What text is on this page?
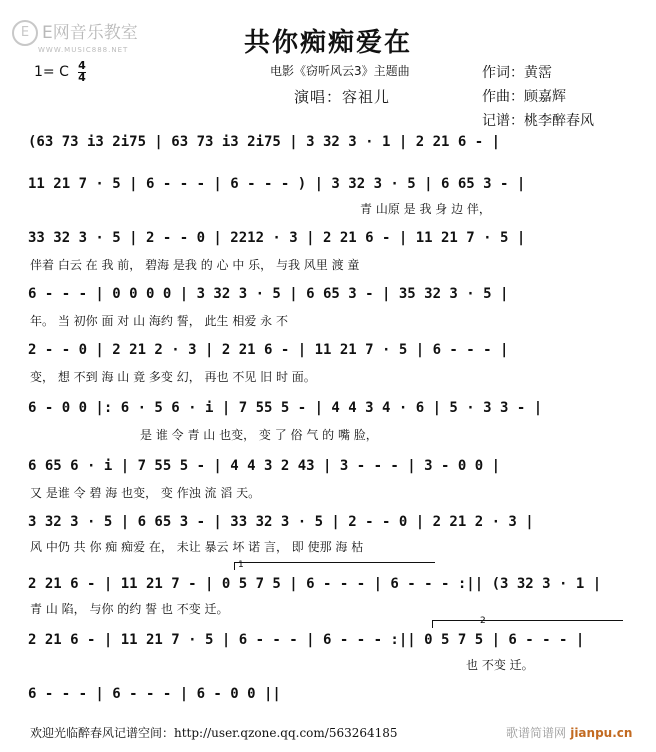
E E网音乐教室
WWW.MUSIC888.NET	共你痴痴爱在
1= C 4
4	电影《窃听风云3》主题曲
演唱：容祖儿
作词：黄霑
作曲：顾嘉辉
记谱：桃李醉春风
(63 73 i3 2i75 | 63 73 i3 2i75 | 3 32 3 · 1 | 2 21 6 - |
11 21 7 · 5 | 6 - - - | 6 - - - ) | 3 32 3 · 5 | 6 65 3 - |
青 山原 是 我 身 边 伴，
33 32 3 · 5 | 2 - - 0 | 2212 · 3 | 2 21 6 - | 11 21 7 · 5 |
伴着 白云 在 我 前， 碧海 是我 的 心 中 乐， 与我 风里 渡 童
6 - - - | 0 0 0 0 | 3 32 3 · 5 | 6 65 3 - | 35 32 3 · 5 |
年。 当 初你 面 对 山 海约 誓， 此生 相爱 永 不
2 - - 0 | 2 21 2 · 3 | 2 21 6 - | 11 21 7 · 5 | 6 - - - |
变， 想 不到 海 山 竟 多变 幻， 再也 不见 旧 时 面。
6 - 0 0 |: 6 · 5 6 · i | 7 55 5 - | 4 4 3 4 · 6 | 5 · 3 3 - |
是 谁 令 青 山 也变， 变 了 俗 气 的 嘴 脸，
6 65 6 · i | 7 55 5 - | 4 4 3 2 43 | 3 - - - | 3 - 0 0 |
又 是谁 令 碧 海 也变， 变 作浊 流 滔 天。
3 32 3 · 5 | 6 65 3 - | 33 32 3 · 5 | 2 - - 0 | 2 21 2 · 3 |
风 中仍 共 你 痴 痴爱 在， 未让 暴云 坏 诺 言， 即 使那 海 枯
1
2 21 6 - | 11 21 7 - | 0 5 7 5 | 6 - - - | 6 - - - :|| (3 32 3 · 1 |
青 山 陷， 与你 的约 誓 也 不变 迁。
2
2 21 6 - | 11 21 7 · 5 | 6 - - - | 6 - - - :|| 0 5 7 5 | 6 - - - |
也 不变 迁。
6 - - - | 6 - - - | 6 - 0 0 ||
欢迎光临醉春风记谱空间：http://user.qzone.qq.com/563264185	歌谱简谱网 jianpu.cn
